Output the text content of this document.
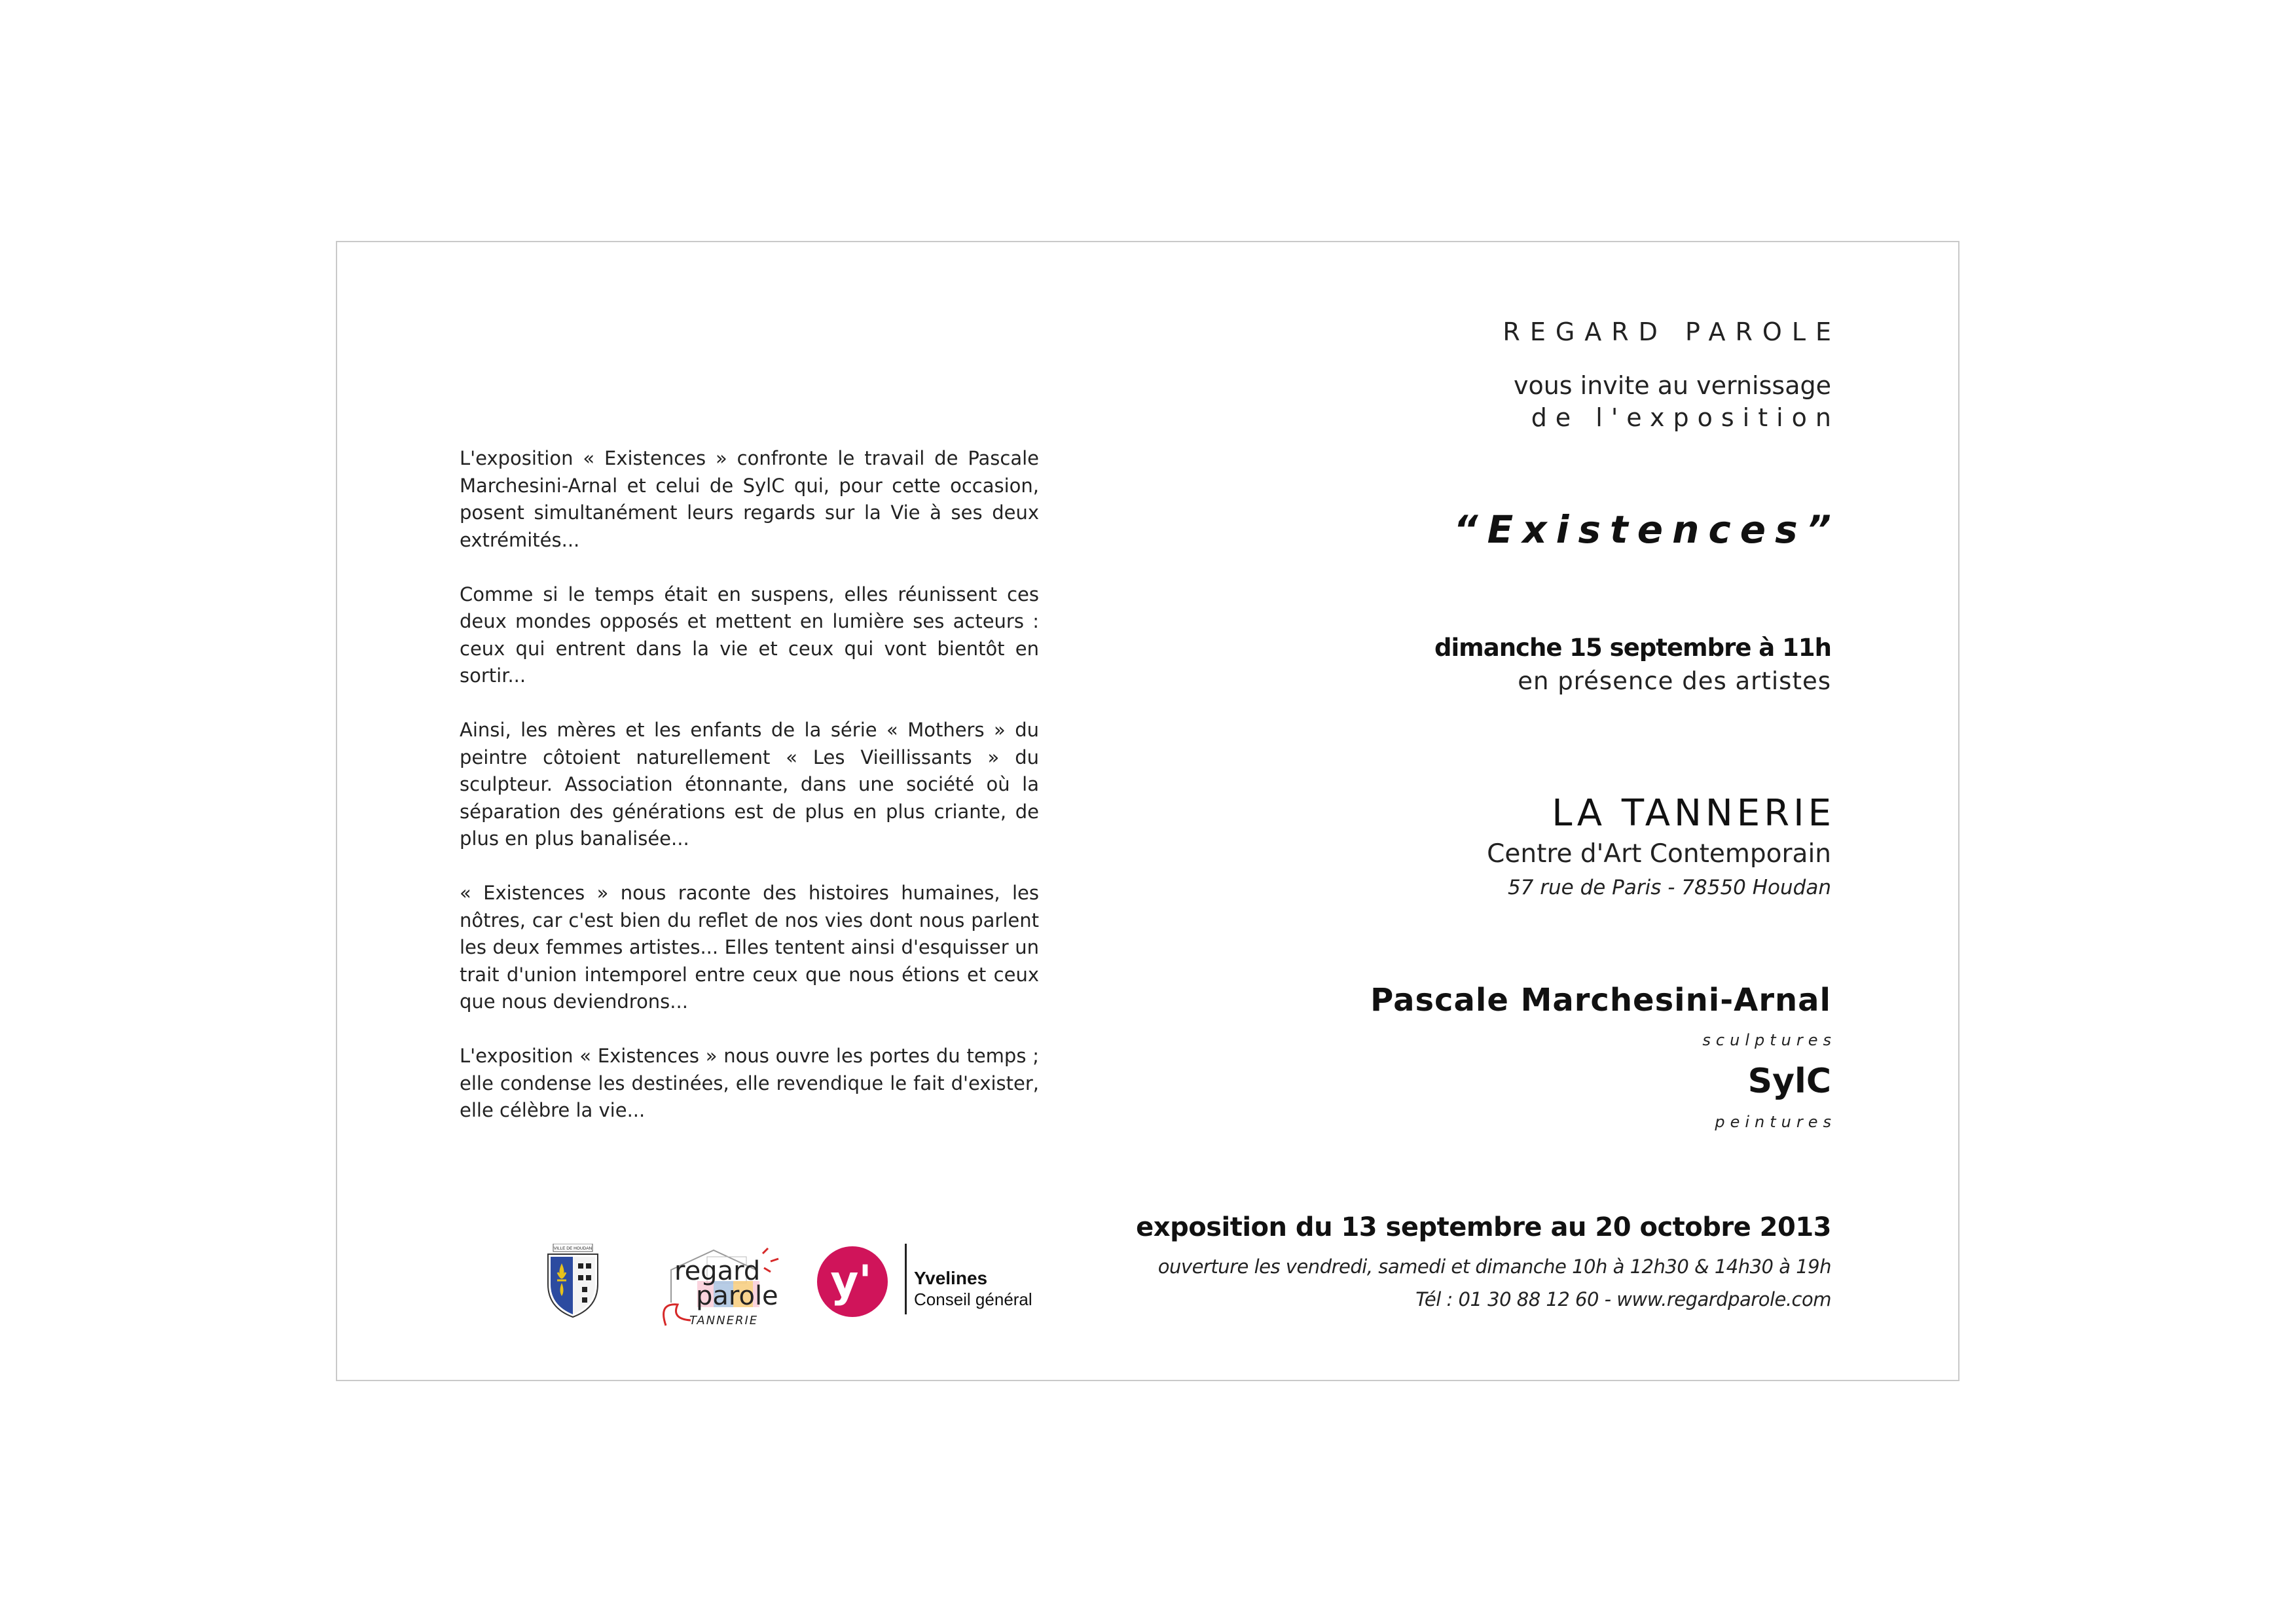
L'exposition « Existences » confronte le travail de Pascale Marchesini-Arnal et celui de SylC qui, pour cette occasion, posent simultanément leurs regards sur la Vie à ses deux extrémités...

Comme si le temps était en suspens, elles réunissent ces deux mondes opposés et mettent en lumière ses acteurs : ceux qui entrent dans la vie et ceux qui vont bientôt en sortir...

Ainsi, les mères et les enfants de la série « Mothers » du peintre côtoient naturellement « Les Vieillissants » du sculpteur. Association étonnante, dans une société où la séparation des générations est de plus en plus criante, de plus en plus banalisée...

« Existences » nous raconte des histoires humaines, les nôtres, car c'est bien du reflet de nos vies dont nous parlent les deux femmes artistes... Elles tentent ainsi d'esquisser un trait d'union intemporel entre ceux que nous étions et ceux que nous deviendrons...

L'exposition « Existences » nous ouvre les portes du temps ; elle condense les destinées, elle revendique le fait d'exister, elle célèbre la vie...

VILLE DE HOUDAN
regard
parole
TANNERIE
y' Yvelines
Conseil général
REGARD PAROLE
vous invite au vernissage
de l'exposition
“Existences”
dimanche 15 septembre à 11h
en présence des artistes
LA TANNERIE
Centre d'Art Contemporain
57 rue de Paris - 78550 Houdan
Pascale Marchesini-Arnal
sculptures
SylC
peintures
exposition du 13 septembre au 20 octobre 2013
ouverture les vendredi, samedi et dimanche 10h à 12h30 & 14h30 à 19h
Tél : 01 30 88 12 60 - www.regardparole.com
